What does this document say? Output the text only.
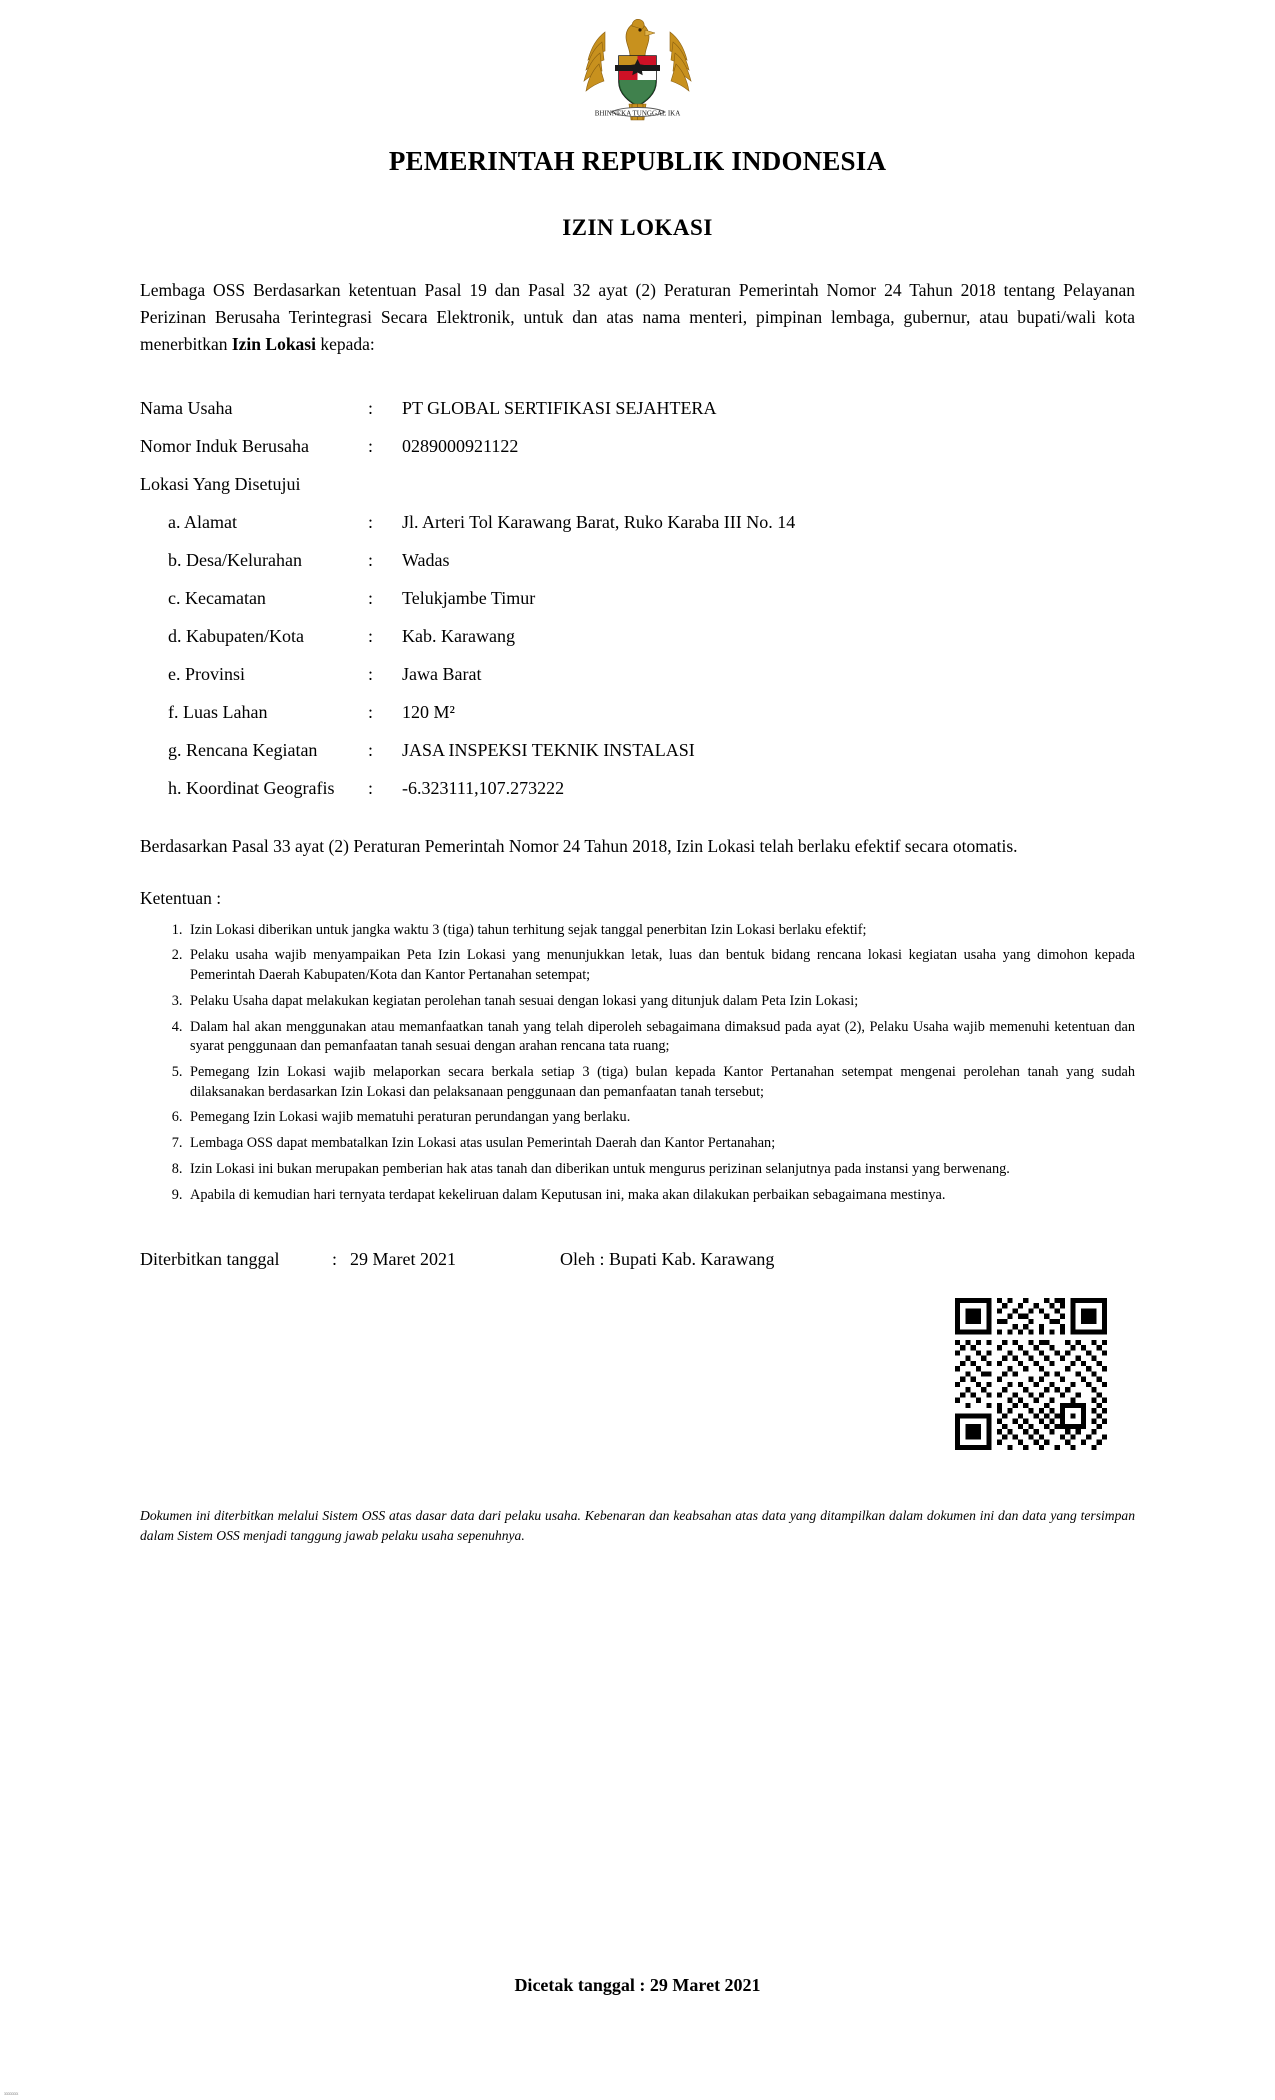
BHINNEKA TUNGGAL IKA
PEMERINTAH REPUBLIK INDONESIA
IZIN LOKASI

Lembaga OSS Berdasarkan ketentuan Pasal 19 dan Pasal 32 ayat (2) Peraturan Pemerintah Nomor 24 Tahun 2018 tentang Pelayanan Perizinan Berusaha Terintegrasi Secara Elektronik, untuk dan atas nama menteri, pimpinan lembaga, gubernur, atau bupati/wali kota menerbitkan Izin Lokasi kepada:

Nama Usaha	:	PT GLOBAL SERTIFIKASI SEJAHTERA
Nomor Induk Berusaha	:	0289000921122
Lokasi Yang Disetujui
a. Alamat	:	Jl. Arteri Tol Karawang Barat, Ruko Karaba III No. 14
b. Desa/Kelurahan	:	Wadas
c. Kecamatan	:	Telukjambe Timur
d. Kabupaten/Kota	:	Kab. Karawang
e. Provinsi	:	Jawa Barat
f. Luas Lahan	:	120 M²
g. Rencana Kegiatan	:	JASA INSPEKSI TEKNIK INSTALASI
h. Koordinat Geografis	:	-6.323111,107.273222

Berdasarkan Pasal 33 ayat (2) Peraturan Pemerintah Nomor 24 Tahun 2018, Izin Lokasi telah berlaku efektif secara otomatis.

Ketentuan :
1. Izin Lokasi diberikan untuk jangka waktu 3 (tiga) tahun terhitung sejak tanggal penerbitan Izin Lokasi berlaku efektif;
2. Pelaku usaha wajib menyampaikan Peta Izin Lokasi yang menunjukkan letak, luas dan bentuk bidang rencana lokasi kegiatan usaha yang dimohon kepada Pemerintah Daerah Kabupaten/Kota dan Kantor Pertanahan setempat;
3. Pelaku Usaha dapat melakukan kegiatan perolehan tanah sesuai dengan lokasi yang ditunjuk dalam Peta Izin Lokasi;
4. Dalam hal akan menggunakan atau memanfaatkan tanah yang telah diperoleh sebagaimana dimaksud pada ayat (2), Pelaku Usaha wajib memenuhi ketentuan dan syarat penggunaan dan pemanfaatan tanah sesuai dengan arahan rencana tata ruang;
5. Pemegang Izin Lokasi wajib melaporkan secara berkala setiap 3 (tiga) bulan kepada Kantor Pertanahan setempat mengenai perolehan tanah yang sudah dilaksanakan berdasarkan Izin Lokasi dan pelaksanaan penggunaan dan pemanfaatan tanah tersebut;
6. Pemegang Izin Lokasi wajib mematuhi peraturan perundangan yang berlaku.
7. Lembaga OSS dapat membatalkan Izin Lokasi atas usulan Pemerintah Daerah dan Kantor Pertanahan;
8. Izin Lokasi ini bukan merupakan pemberian hak atas tanah dan diberikan untuk mengurus perizinan selanjutnya pada instansi yang berwenang.
9. Apabila di kemudian hari ternyata terdapat kekeliruan dalam Keputusan ini, maka akan dilakukan perbaikan sebagaimana mestinya.
Diterbitkan tanggal	: 29 Maret 2021	Oleh : Bupati Kab. Karawang

Dokumen ini diterbitkan melalui Sistem OSS atas dasar data dari pelaku usaha. Kebenaran dan keabsahan atas data yang ditampilkan dalam dokumen ini dan data yang tersimpan dalam Sistem OSS menjadi tanggung jawab pelaku usaha sepenuhnya.

Dicetak tanggal : 29 Maret 2021
xxxxxxx
